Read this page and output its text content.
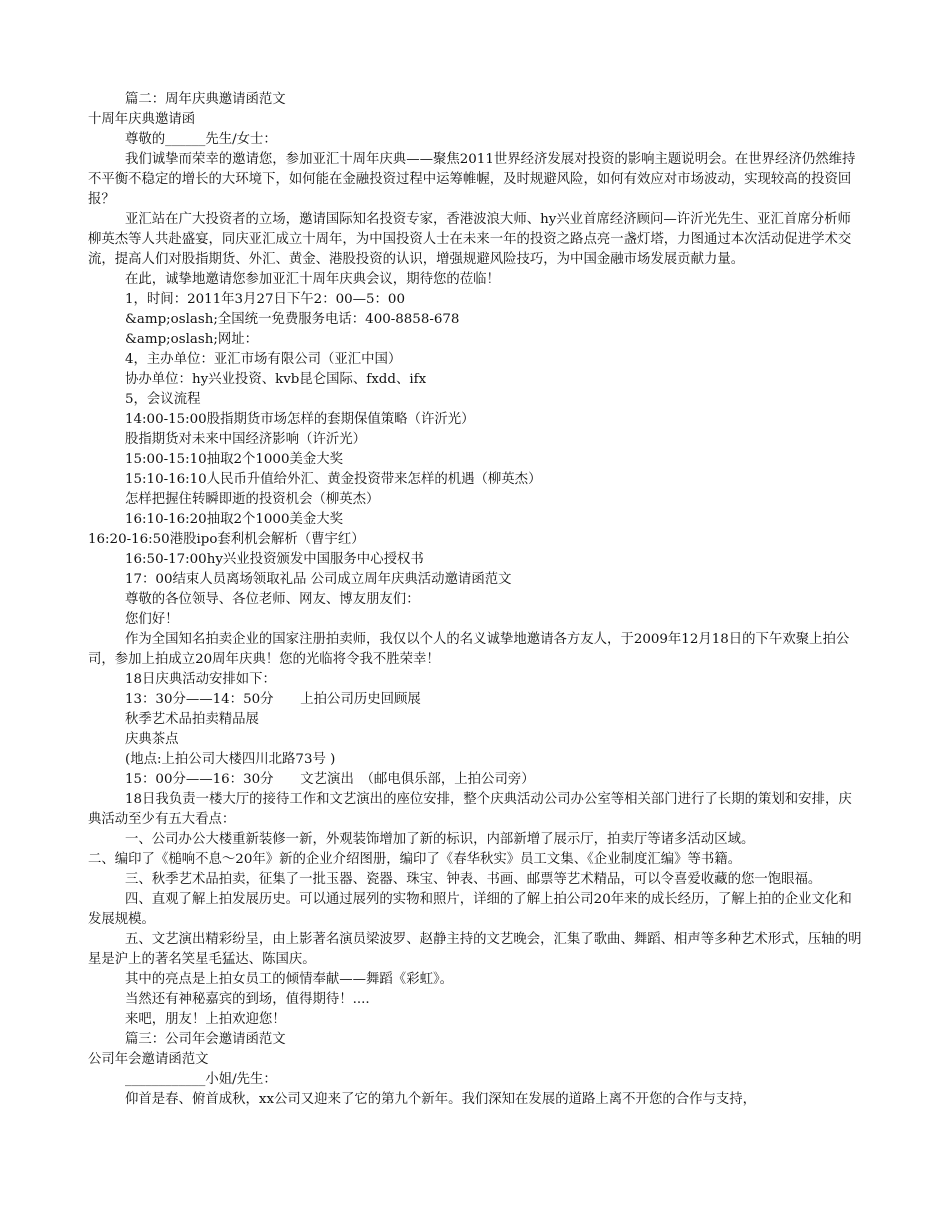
篇二：周年庆典邀请函范文

十周年庆典邀请函

尊敬的______先生/女士：

我们诚挚而荣幸的邀请您，参加亚汇十周年庆典——聚焦2011世界经济发展对投资的影响主题说明会。在世界经济仍然维持不平衡不稳定的增长的大环境下，如何能在金融投资过程中运筹帷幄，及时规避风险，如何有效应对市场波动，实现较高的投资回报？

亚汇站在广大投资者的立场，邀请国际知名投资专家，香港波浪大师、hy兴业首席经济顾问—许沂光先生、亚汇首席分析师柳英杰等人共赴盛宴，同庆亚汇成立十周年，为中国投资人士在未来一年的投资之路点亮一盏灯塔，力图通过本次活动促进学术交流，提高人们对股指期货、外汇、黄金、港股投资的认识，增强规避风险技巧，为中国金融市场发展贡献力量。

在此，诚挚地邀请您参加亚汇十周年庆典会议，期待您的莅临！

1，时间：2011年3月27日下午2：00—5：00

&amp;oslash;全国统一免费服务电话：400-8858-678

&amp;oslash;网址：

4，主办单位：亚汇市场有限公司（亚汇中国）

协办单位：hy兴业投资、kvb昆仑国际、fxdd、ifx

5，会议流程

14:00-15:00股指期货市场怎样的套期保值策略（许沂光）

股指期货对未来中国经济影响（许沂光）

15:00-15:10抽取2个1000美金大奖

15:10-16:10人民币升值给外汇、黄金投资带来怎样的机遇（柳英杰）

怎样把握住转瞬即逝的投资机会（柳英杰）

16:10-16:20抽取2个1000美金大奖

16:20-16:50港股ipo套利机会解析（曹宇红）

16:50-17:00hy兴业投资颁发中国服务中心授权书

17：00结束人员离场领取礼品 公司成立周年庆典活动邀请函范文

尊敬的各位领导、各位老师、网友、博友朋友们：

您们好！

作为全国知名拍卖企业的国家注册拍卖师，我仅以个人的名义诚挚地邀请各方友人，于2009年12月18日的下午欢聚上拍公司，参加上拍成立20周年庆典！您的光临将令我不胜荣幸！

18日庆典活动安排如下：

13：30分——14：50分　　上拍公司历史回顾展

秋季艺术品拍卖精品展

庆典茶点

(地点:上拍公司大楼四川北路73号 )

15：00分——16：30分　　文艺演出　（邮电俱乐部，上拍公司旁）

18日我负责一楼大厅的接待工作和文艺演出的座位安排，整个庆典活动公司办公室等相关部门进行了长期的策划和安排，庆典活动至少有五大看点：

一、公司办公大楼重新装修一新，外观装饰增加了新的标识，内部新增了展示厅，拍卖厅等诸多活动区域。

二、编印了《槌响不息～20年》新的企业介绍图册，编印了《春华秋实》员工文集、《企业制度汇编》等书籍。

三、秋季艺术品拍卖，征集了一批玉器、瓷器、珠宝、钟表、书画、邮票等艺术精品，可以令喜爱收藏的您一饱眼福。

四、直观了解上拍发展历史。可以通过展列的实物和照片，详细的了解上拍公司20年来的成长经历，了解上拍的企业文化和发展规模。

五、文艺演出精彩纷呈，由上影著名演员梁波罗、赵静主持的文艺晚会，汇集了歌曲、舞蹈、相声等多种艺术形式，压轴的明星是沪上的著名笑星毛猛达、陈国庆。

其中的亮点是上拍女员工的倾情奉献——舞蹈《彩虹》。

当然还有神秘嘉宾的到场，值得期待！....

来吧，朋友！上拍欢迎您！

篇三：公司年会邀请函范文

公司年会邀请函范文

____________小姐/先生：

仰首是春、俯首成秋，xx公司又迎来了它的第九个新年。我们深知在发展的道路上离不开您的合作与支持，
